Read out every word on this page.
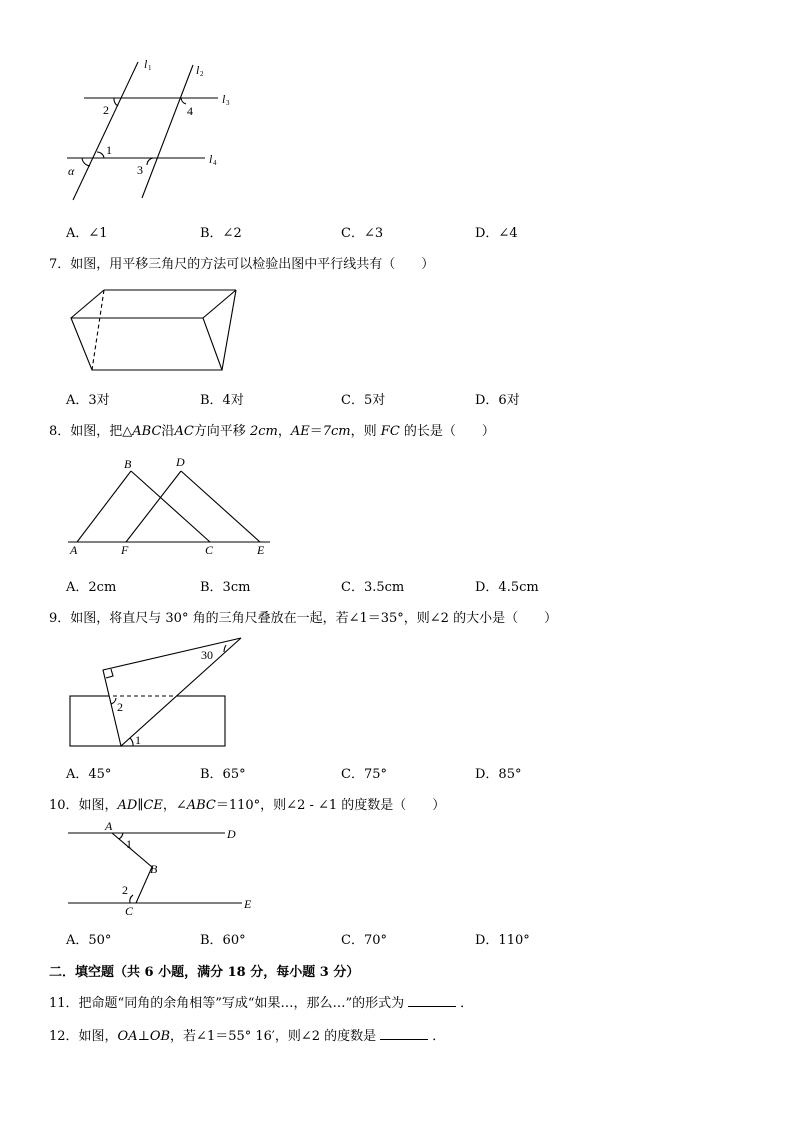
l 1	l 2
l 3
l 4
2	4
1
3
α
A．∠1	B．∠2	C．∠3	D．∠4
7．如图，用平移三角尺的方法可以检验出图中平行线共有（　　）
A．3对	B．4对	C．5对	D．6对
8．如图，把△ABC沿AC方向平移 2cm，AE＝7cm，则 FC 的长是（　　）
A	F	C	E
B	D
A．2cm	B．3cm	C．3.5cm	D．4.5cm
9．如图，将直尺与 30° 角的三角尺叠放在一起，若∠1＝35°，则∠2 的大小是（　　）
30
2
1
A．45°	B．65°	C．75°	D．85°
10．如图，AD∥CE，∠ABC＝110°，则∠2 - ∠1 的度数是（　　）
A
D
B
C	E
1
2
A．50°	B．60°	C．70°	D．110°
二．填空题（共 6 小题，满分 18 分，每小题 3 分）
11．把命题“同角的余角相等”写成“如果…，那么…”的形式为	．
12．如图，OA⊥OB，若∠1＝55° 16′，则∠2 的度数是	．
